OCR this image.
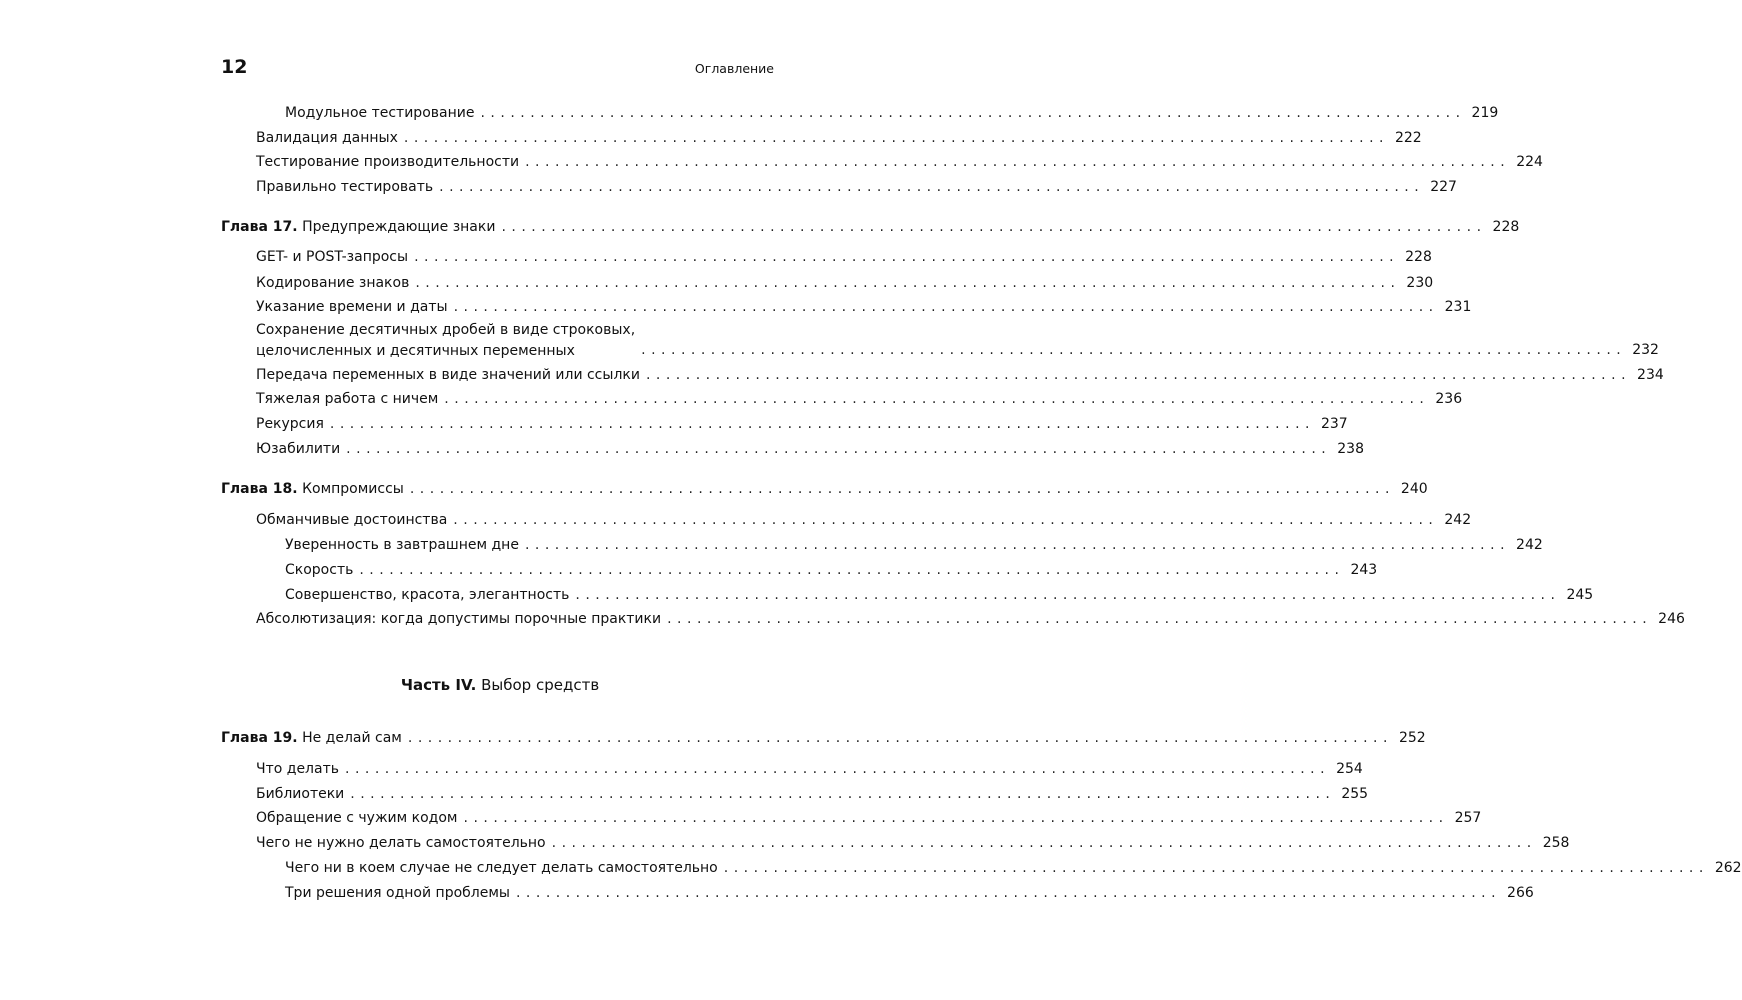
12	Оглавление
Модульное тестирование ................................................................................................... 219
Валидация данных ................................................................................................... 222
Тестирование производительности ................................................................................................... 224
Правильно тестировать ................................................................................................... 227
Глава 17. Предупреждающие знаки ................................................................................................... 228
GET- и POST-запросы ................................................................................................... 228
Кодирование знаков ................................................................................................... 230
Указание времени и даты ................................................................................................... 231
Сохранение десятичных дробей в виде строковых,
целочисленных и десятичных переменных	................................................................................................... 232
Передача переменных в виде значений или ссылки ................................................................................................... 234
Тяжелая работа с ничем ................................................................................................... 236
Рекурсия ................................................................................................... 237
Юзабилити ................................................................................................... 238
Глава 18. Компромиссы ................................................................................................... 240
Обманчивые достоинства ................................................................................................... 242
Уверенность в завтрашнем дне ................................................................................................... 242
Скорость ................................................................................................... 243
Совершенство, красота, элегантность ................................................................................................... 245
Абсолютизация: когда допустимы порочные практики ................................................................................................... 246
Часть IV. Выбор средств
Глава 19. Не делай сам ................................................................................................... 252
Что делать ................................................................................................... 254
Библиотеки ................................................................................................... 255
Обращение с чужим кодом ................................................................................................... 257
Чего не нужно делать самостоятельно ................................................................................................... 258
Чего ни в коем случае не следует делать самостоятельно ................................................................................................... 262
Три решения одной проблемы ................................................................................................... 266
